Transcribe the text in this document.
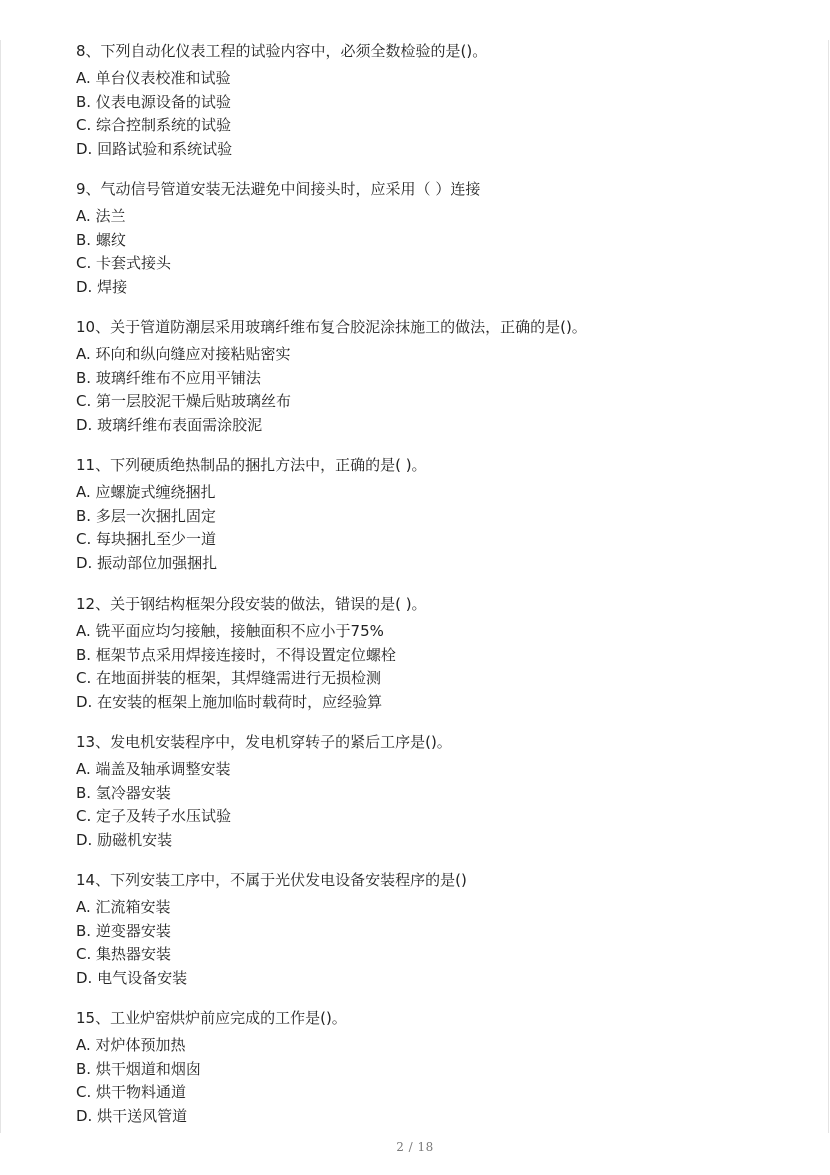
8、下列自动化仪表工程的试验内容中，必须全数检验的是()。
A. 单台仪表校准和试验
B. 仪表电源设备的试验
C. 综合控制系统的试验
D. 回路试验和系统试验
9、气动信号管道安装无法避免中间接头时，应采用（ ）连接
A. 法兰
B. 螺纹
C. 卡套式接头
D. 焊接
10、关于管道防潮层采用玻璃纤维布复合胶泥涂抹施工的做法，正确的是()。
A. 环向和纵向缝应对接粘贴密实
B. 玻璃纤维布不应用平铺法
C. 第一层胶泥干燥后贴玻璃丝布
D. 玻璃纤维布表面需涂胶泥
11、下列硬质绝热制品的捆扎方法中，正确的是( )。
A. 应螺旋式缠绕捆扎
B. 多层一次捆扎固定
C. 每块捆扎至少一道
D. 振动部位加强捆扎
12、关于钢结构框架分段安装的做法，错误的是( )。
A. 铣平面应均匀接触，接触面积不应小于75%
B. 框架节点采用焊接连接时，不得设置定位螺栓
C. 在地面拼装的框架，其焊缝需进行无损检测
D. 在安装的框架上施加临时载荷时，应经验算
13、发电机安装程序中，发电机穿转子的紧后工序是()。
A. 端盖及轴承调整安装
B. 氢冷器安装
C. 定子及转子水压试验
D. 励磁机安装
14、下列安装工序中，不属于光伏发电设备安装程序的是()
A. 汇流箱安装
B. 逆变器安装
C. 集热器安装
D. 电气设备安装
15、工业炉窑烘炉前应完成的工作是()。
A. 对炉体预加热
B. 烘干烟道和烟囱
C. 烘干物料通道
D. 烘干送风管道
2 / 18
